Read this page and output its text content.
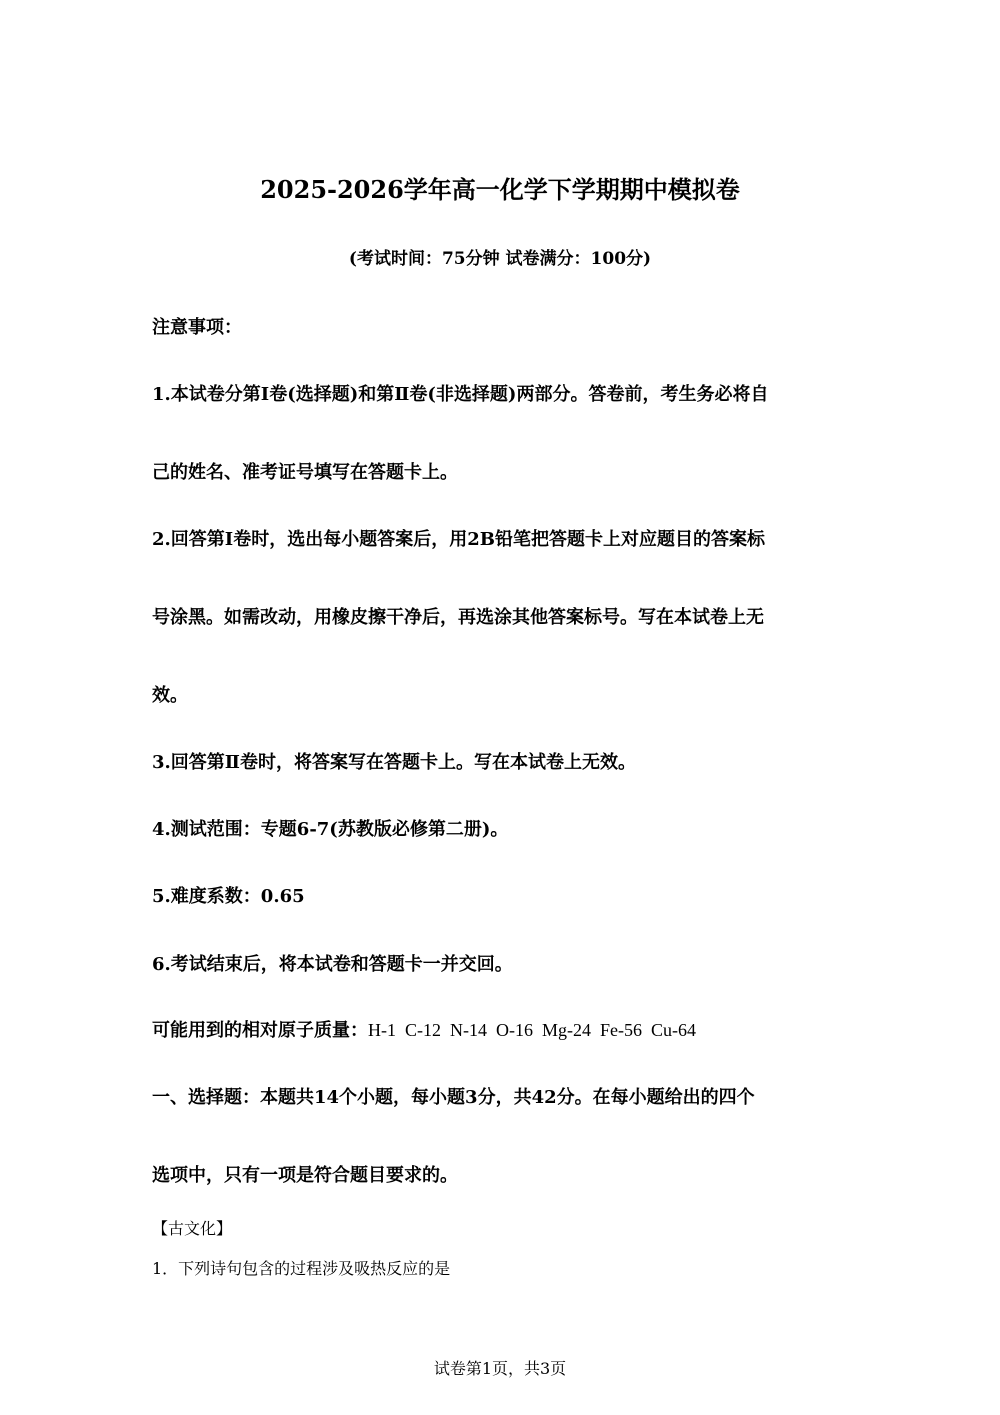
2025-2026学年高一化学下学期期中模拟卷
(考试时间：75分钟 试卷满分：100分)
注意事项：
1.本试卷分第Ⅰ卷(选择题)和第Ⅱ卷(非选择题)两部分。答卷前，考生务必将自
己的姓名、准考证号填写在答题卡上。
2.回答第Ⅰ卷时，选出每小题答案后，用2B铅笔把答题卡上对应题目的答案标
号涂黑。如需改动，用橡皮擦干净后，再选涂其他答案标号。写在本试卷上无
效。
3.回答第Ⅱ卷时，将答案写在答题卡上。写在本试卷上无效。
4.测试范围：专题6-7(苏教版必修第二册)。
5.难度系数：0.65
6.考试结束后，将本试卷和答题卡一并交回。
可能用到的相对原子质量：H-1  C-12  N-14  O-16  Mg-24  Fe-56  Cu-64
一、选择题：本题共14个小题，每小题3分，共42分。在每小题给出的四个
选项中，只有一项是符合题目要求的。
【古文化】
1．下列诗句包含的过程涉及吸热反应的是
试卷第1页，共3页
